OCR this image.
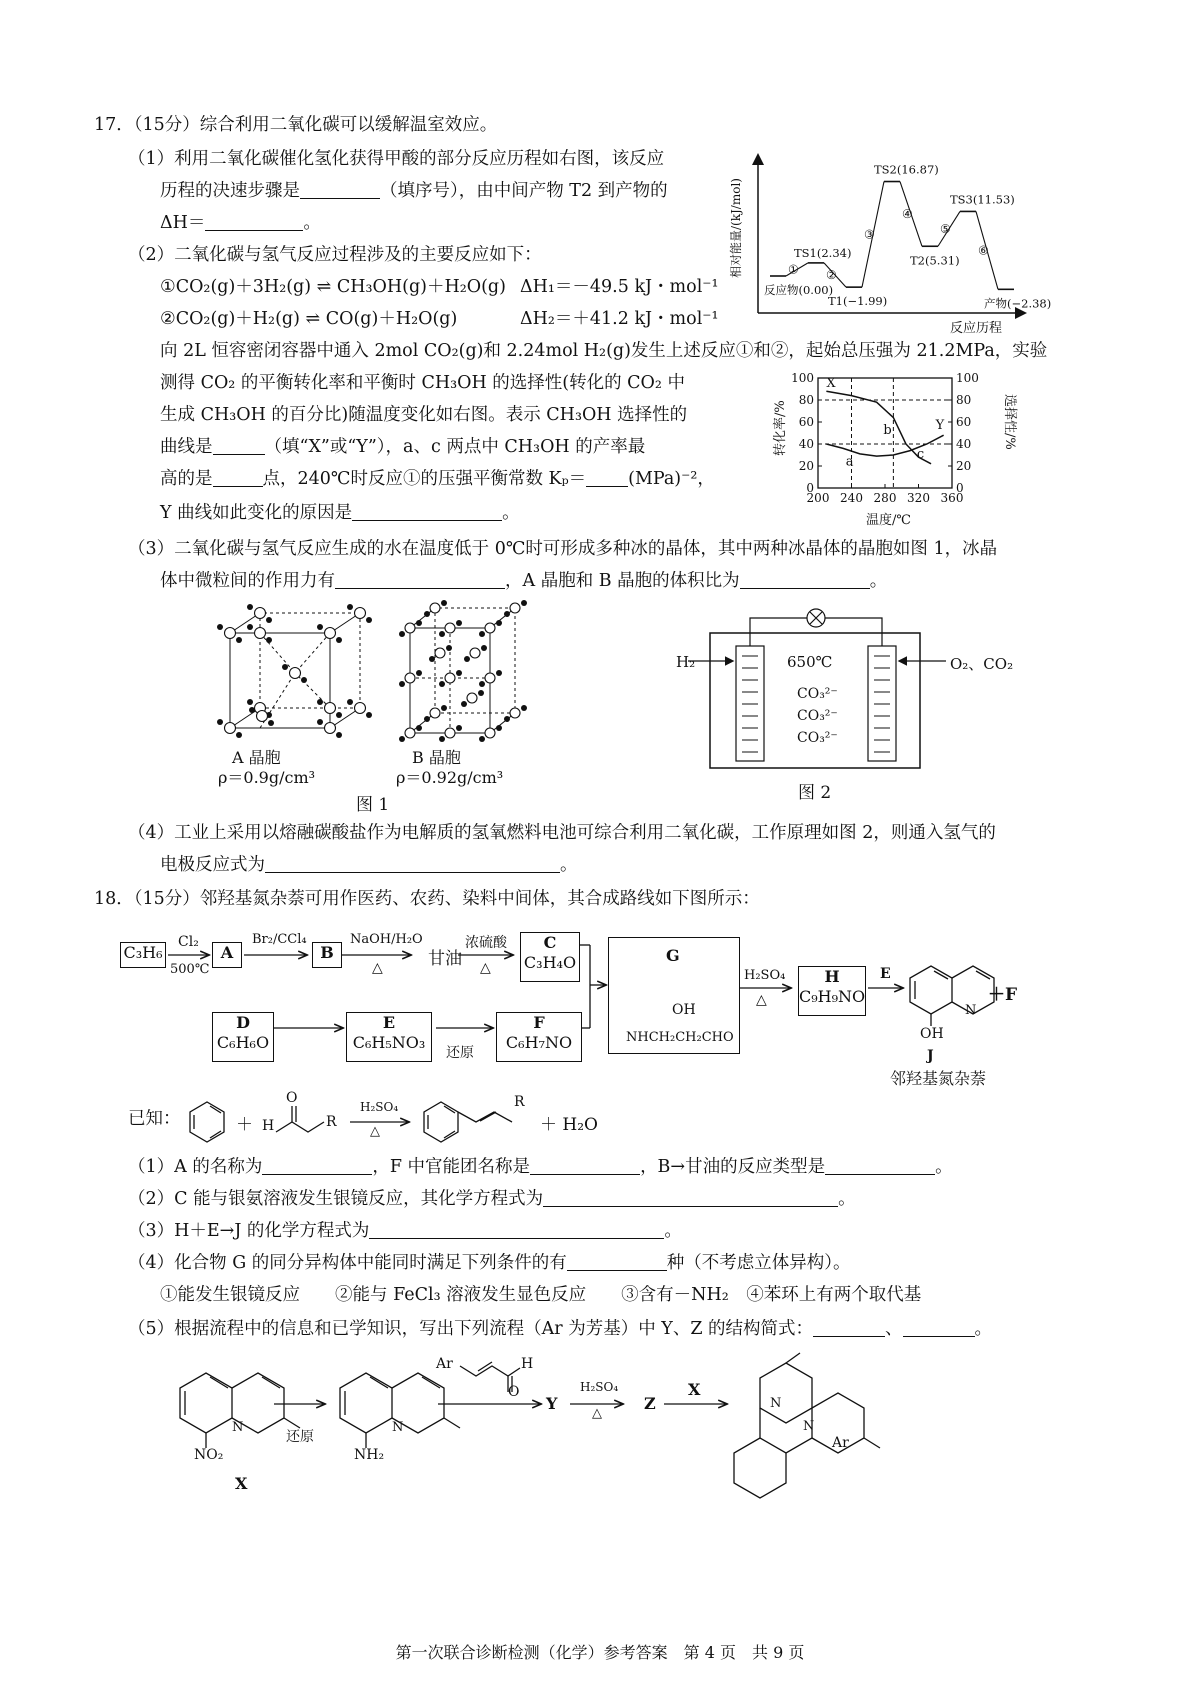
17．（15分）综合利用二氧化碳可以缓解温室效应。
（1）利用二氧化碳催化氢化获得甲酸的部分反应历程如右图，该反应
历程的决速步骤是	（填序号），由中间产物 T2 到产物的
ΔH＝	。
（2）二氧化碳与氢气反应过程涉及的主要反应如下：
①CO₂(g)＋3H₂(g) ⇌ CH₃OH(g)＋H₂O(g) ΔH₁＝－49.5 kJ・mol⁻¹
②CO₂(g)＋H₂(g) ⇌ CO(g)＋H₂O(g)	ΔH₂＝＋41.2 kJ・mol⁻¹
向 2L 恒容密闭容器中通入 2mol CO₂(g)和 2.24mol H₂(g)发生上述反应①和②，起始总压强为 21.2MPa，实验
测得 CO₂ 的平衡转化率和平衡时 CH₃OH 的选择性(转化的 CO₂ 中
生成 CH₃OH 的百分比)随温度变化如右图。表示 CH₃OH 选择性的
曲线是	（填“X”或“Y”），a、c 两点中 CH₃OH 的产率最
高的是	点，240℃时反应①的压强平衡常数 Kₚ＝ (MPa)⁻²，
Y 曲线如此变化的原因是	。
（3）二氧化碳与氢气反应生成的水在温度低于 0℃时可形成多种冰的晶体，其中两种冰晶体的晶胞如图 1，冰晶
体中微粒间的作用力有	，A 晶胞和 B 晶胞的体积比为	。
相对能量/(kJ/mol)
反应历程
①
反应物(0.00)
②
TS1(2.34)
③
T1(−1.99)
④
TS2(16.87)
⑤
T2(5.31)
⑥
TS3(11.53)
产物(−2.38)
0	0
20	20
40	40
60	60
80	80
100	100
200 240 280 320 360
X
Y
a
b
c
转化率/%	选择性/%
温度/℃
A 晶胞
ρ＝0.9g/cm³
B 晶胞
ρ＝0.92g/cm³
图 1
H₂	O₂、CO₂
650℃
CO₃²⁻
CO₃²⁻
CO₃²⁻
图 2
（4）工业上采用以熔融碳酸盐作为电解质的氢氧燃料电池可综合利用二氧化碳，工作原理如图 2，则通入氢气的
电极反应式为	。
18．（15分）邻羟基氮杂萘可用作医药、农药、染料中间体，其合成路线如下图所示：
C₃H₆
Cl₂
500℃
A
Br₂/CCl₄
B
NaOH/H₂O
△	甘油
浓硫酸
△
C
C₃H₄O
D
C₆H₆O
E
C₆H₅NO₃
还原
F
C₆H₇NO
G
OH
NHCH₂CH₂CHO
H₂SO₄
△
H
C₉H₉NO
E
＋F
N
OH
J
邻羟基氮杂萘
已知：	＋ H
O
R
H₂SO₄
△
R
＋ H₂O
（1）A 的名称为	，F 中官能团名称是	，B→甘油的反应类型是	。
（2）C 能与银氨溶液发生银镜反应，其化学方程式为	。
（3）H＋E→J 的化学方程式为	。
（4）化合物 G 的同分异构体中能同时满足下列条件的有	种（不考虑立体异构）。
①能发生银镜反应　　 ②能与 FeCl₃ 溶液发生显色反应　　 ③含有－NH₂　 ④苯环上有两个取代基
（5）根据流程中的信息和已学知识，写出下列流程（Ar 为芳基）中 Y、Z 的结构简式：	、	。
NO₂
N
X
还原
NH₂
N
Ar	H
O
Y
H₂SO₄
△
Z
X
N
N
Ar
第一次联合诊断检测（化学）参考答案　第 4 页　共 9 页
